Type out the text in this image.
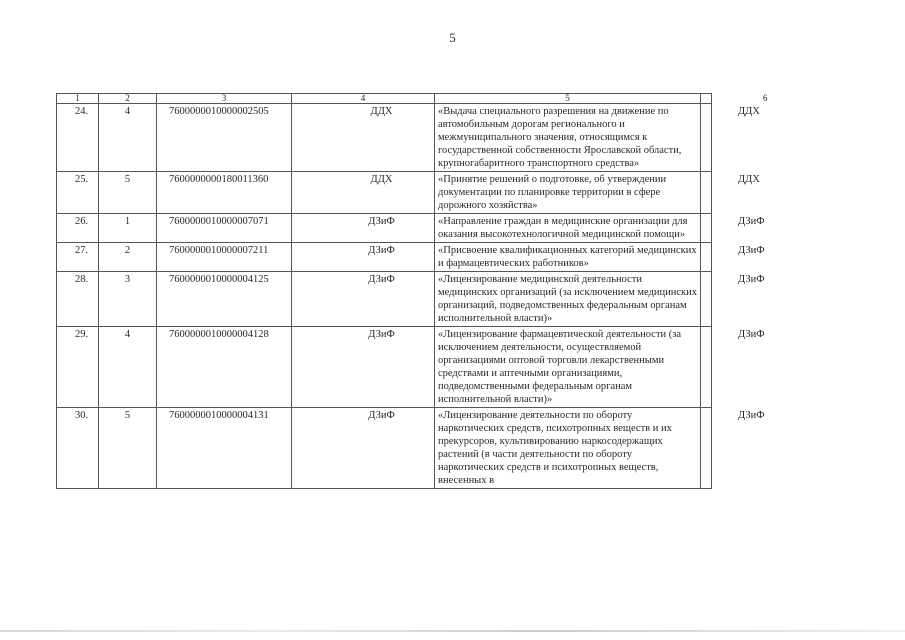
5
1	2	3	4	5	6
24.	4	7600000010000002505	ДДХ	«Выдача специального разрешения на движение по автомобильным дорогам регионального и межмуниципального значения, относящимся к государственной собственности Ярославской области, крупногабаритного транспортного средства»	ДДХ
25.	5	7600000000180011360	ДДХ	«Принятие решений о подготовке, об утверждении документации по планировке территории в сфере дорожного хозяйства»	ДДХ
26.	1	7600000010000007071	ДЗиФ	«Направление граждан в медицинские организации для оказания высокотехнологичной медицинской помощи»	ДЗиФ
27.	2	7600000010000007211	ДЗиФ	«Присвоение квалификационных категорий медицинских и фармацевтических работников»	ДЗиФ
28.	3	7600000010000004125	ДЗиФ	«Лицензирование медицинской деятельности медицинских организаций (за исключением медицинских организаций, подведомственных федеральным органам исполнительной власти)»	ДЗиФ
29.	4	7600000010000004128	ДЗиФ	«Лицензирование фармацевтической деятельности (за исключением деятельности, осуществляемой организациями оптовой торговли лекарственными средствами и аптечными организациями, подведомственными федеральным органам исполнительной власти)»	ДЗиФ
30.	5	7600000010000004131	ДЗиФ	«Лицензирование деятельности по обороту наркотических средств, психотропных веществ и их прекурсоров, культивированию наркосодержащих растений (в части деятельности по обороту наркотических средств и психотропных веществ, внесенных в	ДЗиФ
